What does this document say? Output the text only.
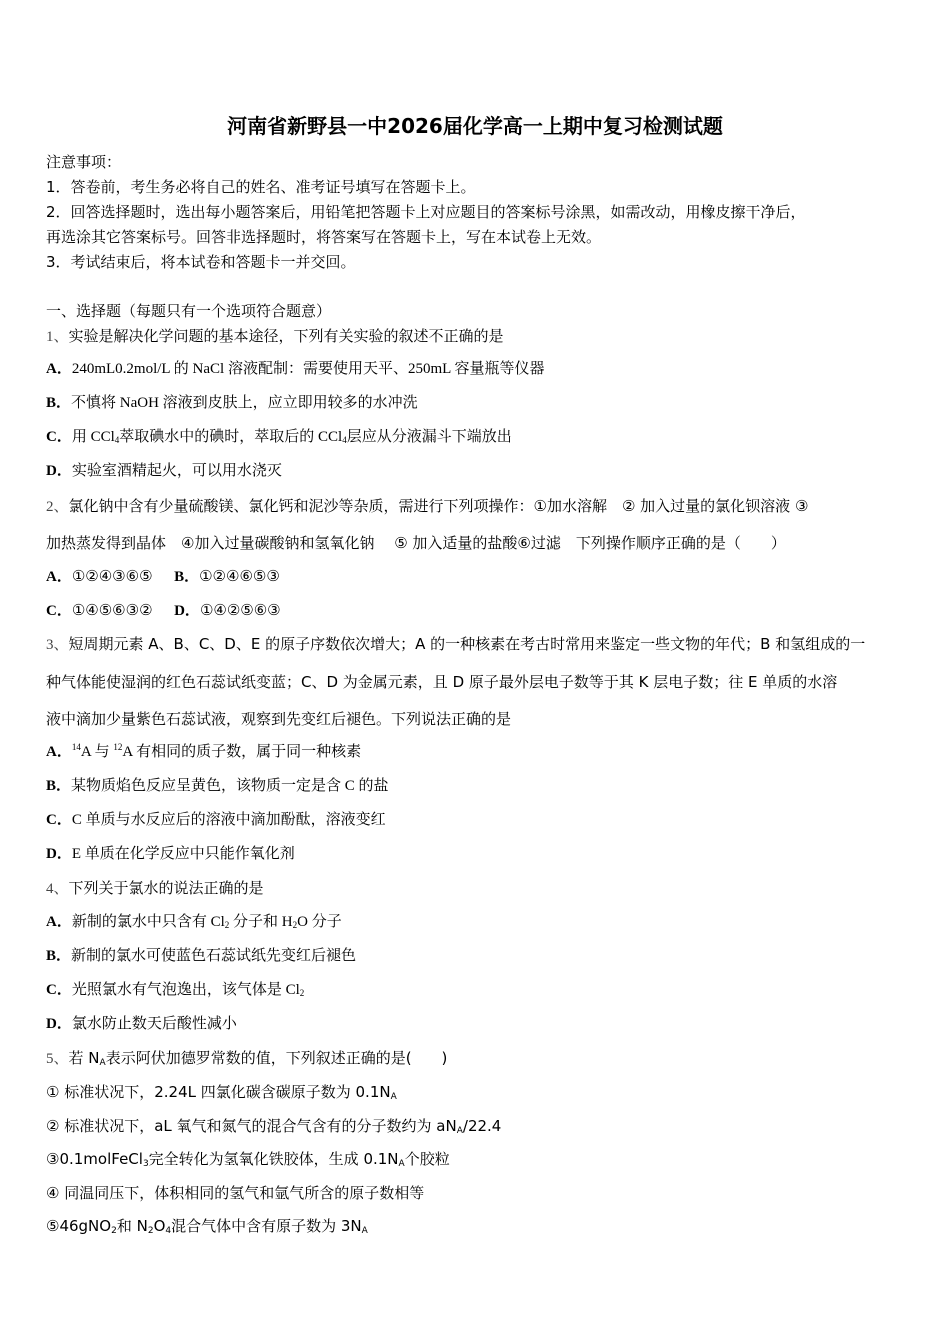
河南省新野县一中2026届化学高一上期中复习检测试题
注意事项：
1．答卷前，考生务必将自己的姓名、准考证号填写在答题卡上。
2．回答选择题时，选出每小题答案后，用铅笔把答题卡上对应题目的答案标号涂黑，如需改动，用橡皮擦干净后，
再选涂其它答案标号。回答非选择题时，将答案写在答题卡上，写在本试卷上无效。
3．考试结束后，将本试卷和答题卡一并交回。
一、选择题（每题只有一个选项符合题意）
1、实验是解决化学问题的基本途径，下列有关实验的叙述不正确的是
A．240mL0.2mol/L 的 NaCl 溶液配制：需要使用天平、250mL 容量瓶等仪器
B．不慎将 NaOH 溶液到皮肤上，应立即用较多的水冲洗
C．用 CCl$_4$萃取碘水中的碘时，萃取后的 CCl$_4$层应从分液漏斗下端放出
D．实验室酒精起火，可以用水浇灭
2、氯化钠中含有少量硫酸镁、氯化钙和泥沙等杂质，需进行下列项操作：①加水溶解　② 加入过量的氯化钡溶液 ③
加热蒸发得到晶体　④加入过量碳酸钠和氢氧化钠　 ⑤ 加入适量的盐酸⑥过滤　下列操作顺序正确的是（　　）
A．①②④③⑥⑤ B．①②④⑥⑤③
C．①④⑤⑥③② D．①④②⑤⑥③
3、短周期元素 A、B、C、D、E 的原子序数依次增大；A 的一种核素在考古时常用来鉴定一些文物的年代；B 和氢组成的一
种气体能使湿润的红色石蕊试纸变蓝；C、D 为金属元素，且 D 原子最外层电子数等于其 K 层电子数；往 E 单质的水溶
液中滴加少量紫色石蕊试液，观察到先变红后褪色。下列说法正确的是
A．$^{14}$A 与 $^{12}$A 有相同的质子数，属于同一种核素
B．某物质焰色反应呈黄色，该物质一定是含 C 的盐
C．C 单质与水反应后的溶液中滴加酚酞，溶液变红
D．E 单质在化学反应中只能作氧化剂
4、下列关于氯水的说法正确的是
A．新制的氯水中只含有 $Cl_2$ 分子和 $H_2O$ 分子
B．新制的氯水可使蓝色石蕊试纸先变红后褪色
C．光照氯水有气泡逸出，该气体是 $Cl_2$
D．氯水防止数天后酸性减小
5、若 $N_A$表示阿伏加德罗常数的值，下列叙述正确的是(　　)
① 标准状况下，2.24L 四氯化碳含碳原子数为 $0.1N_A$
② 标准状况下，aL 氧气和氮气的混合气含有的分子数约为 $aN_A/22.4$
③0.1molFeCl$_3$完全转化为氢氧化铁胶体，生成 $0.1N_A$个胶粒
④ 同温同压下，体积相同的氢气和氩气所含的原子数相等
⑤46gNO$_2$和 $N_2O_4$混合气体中含有原子数为 $3N_A$
